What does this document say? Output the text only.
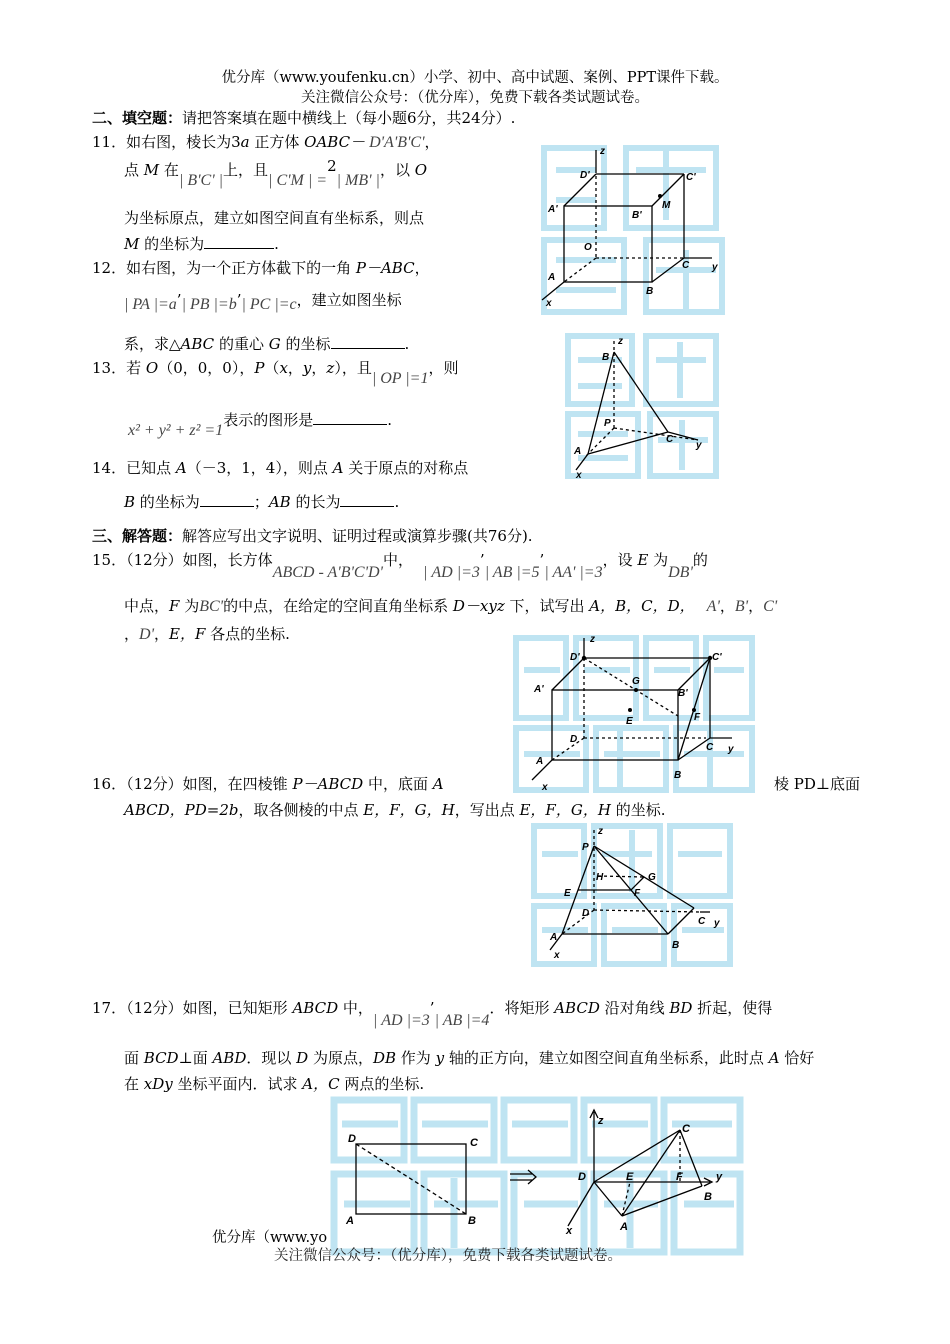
优分库（www.youfenku.cn）小学、初中、高中试题、案例、PPT课件下载。
关注微信公众号：（优分库），免费下载各类试题试卷。
二、填空题：请把答案填在题中横线上（每小题6分，共24分）.
11．如右图，棱长为3a 正方体 OABC－ D'A'B'C'，
点 M 在| B'C' |上，且| C'M | =2| MB' |，以 O
为坐标原点，建立如图空间直有坐标系，则点
M 的坐标为	.
12．如右图，为一个正方体截下的一角 P－ABC，
| PA |=a’| PB |=b’| PC |=c，建立如图坐标
系，求△ABC 的重心 G 的坐标	.
13．若 O（0，0，0），P（x，y，z），且| OP |=1，则
x² + y² + z² =1表示的图形是	.
14．已知点 A（－3，1，4），则点 A 关于原点的对称点
B 的坐标为	；AB 的长为	.
三、解答题：解答应写出文字说明、证明过程或演算步骤(共76分).
15．（12分）如图，长方体ABCD - A'B'C'D'中，| AD |=3’| AB |=5’| AA' |=3，设 E 为DB'的
中点，F 为BC'的中点，在给定的空间直角坐标系 D－xyz 下，试写出 A，B，C，D， A'，B'，C'
，D'，E，F 各点的坐标.
16．（12分）如图，在四棱锥 P－ABCD 中，底面 A	棱 PD⊥底面
ABCD，PD=2b，取各侧棱的中点 E，F，G，H，写出点 E，F，G，H 的坐标.
17．（12分）如图，已知矩形 ABCD 中，| AD |=3’| AB |=4．将矩形 ABCD 沿对角线 BD 折起，使得
面 BCD⊥面 ABD．现以 D 为原点，DB 作为 y 轴的正方向，建立如图空间直角坐标系，此时点 A 恰好
在 xDy 坐标平面内．试求 A，C 两点的坐标.
z
D'	C'
A'
B'
M
O
C y
A
B
x
z
B
P
C
y
A
x
z
D'	C'
A'
G
B'
E	F
D
C y
A
B
x
z
P
H	G
E	F
D
C y
A
B
x
D	C
A	B
z
C
D	E	F	y
B
A
x
优分库（www.yo
关注微信公众号：（优分库），免费下载各类试题试卷。
